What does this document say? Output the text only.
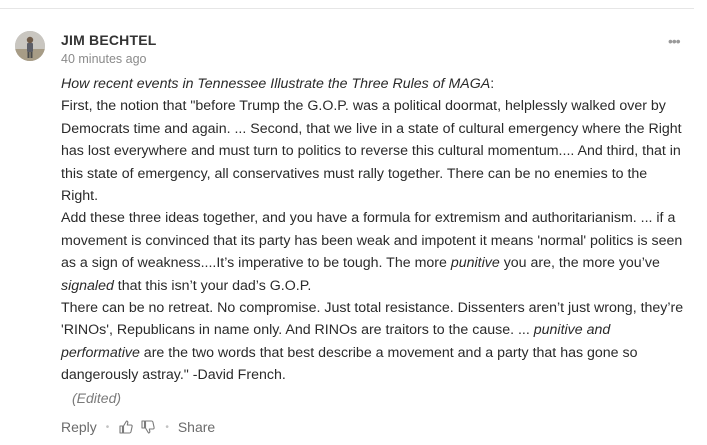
JIM BECHTEL
40 minutes ago
•••

How recent events in Tennessee Illustrate the Three Rules of MAGA:

First, the notion that "before Trump the G.O.P. was a political doormat, helplessly walked over by Democrats time and again. ... Second, that we live in a state of cultural emergency where the Right has lost everywhere and must turn to politics to reverse this cultural momentum.... And third, that in this state of emergency, all conservatives must rally together. There can be no enemies to the Right.

Add these three ideas together, and you have a formula for extremism and authoritarianism. ... if a movement is convinced that its party has been weak and impotent it means 'normal' politics is seen as a sign of weakness....It’s imperative to be tough. The more punitive you are, the more you’ve signaled that this isn’t your dad’s G.O.P.

There can be no retreat. No compromise. Just total resistance. Dissenters aren’t just wrong, they’re 'RINOs', Republicans in name only. And RINOs are traitors to the cause. ... punitive and performative are the two words that best describe a movement and a party that has gone so dangerously astray." -David French.

(Edited)
Reply •	• Share
